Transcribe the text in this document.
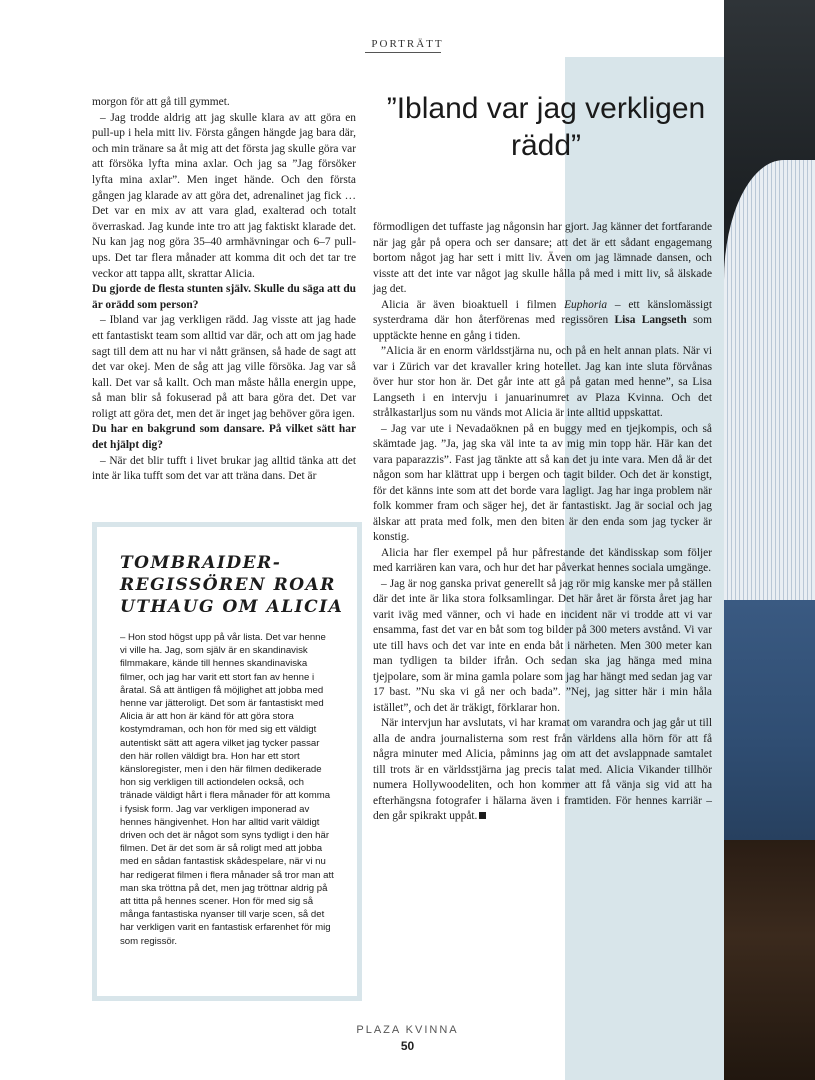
PORTRÄTT

morgon för att gå till gymmet.

– Jag trodde aldrig att jag skulle klara av att göra en pull-up i hela mitt liv. Första gången hängde jag bara där, och min tränare sa åt mig att det första jag skulle göra var att försöka lyfta mina axlar. Och jag sa ”Jag försöker lyfta mina axlar”. Men inget hände. Och den första gången jag klarade av att göra det, adrenalinet jag fick … Det var en mix av att vara glad, exalterad och totalt överraskad. Jag kunde inte tro att jag faktiskt klarade det. Nu kan jag nog göra 35–40 armhävningar och 6–7 pull-ups. Det tar flera månader att komma dit och det tar tre veckor att tappa allt, skrattar Alicia.

Du gjorde de flesta stunten själv. Skulle du säga att du är orädd som person?

– Ibland var jag verkligen rädd. Jag visste att jag hade ett fantastiskt team som alltid var där, och att om jag hade sagt till dem att nu har vi nått gränsen, så hade de sagt att det var okej. Men de såg att jag ville försöka. Jag var så kall. Det var så kallt. Och man måste hålla energin uppe, så man blir så fokuserad på att bara göra det. Det var roligt att göra det, men det är inget jag behöver göra igen.

Du har en bakgrund som dansare. På vilket sätt har det hjälpt dig?

– När det blir tufft i livet brukar jag alltid tänka att det inte är lika tufft som det var att träna dans. Det är

TOMBRAIDER-REGISSÖREN ROAR UTHAUG OM ALICIA
– Hon stod högst upp på vår lista. Det var henne vi ville ha. Jag, som själv är en skandinavisk filmmakare, kände till hennes skandinaviska filmer, och jag har varit ett stort fan av henne i åratal. Så att äntligen få möjlighet att jobba med henne var jätteroligt. Det som är fantastiskt med Alicia är att hon är känd för att göra stora kostymdraman, och hon för med sig ett väldigt autentiskt sätt att agera vilket jag tycker passar den här rollen väldigt bra. Hon har ett stort känsloregister, men i den här filmen dedikerade hon sig verkligen till actiondelen också, och tränade väldigt hårt i flera månader för att komma i fysisk form. Jag var verkligen imponerad av hennes hängivenhet. Hon har alltid varit väldigt driven och det är något som syns tydligt i den här filmen. Det är det som är så roligt med att jobba med en sådan fantastisk skådespelare, när vi nu har redigerat filmen i flera månader så tror man att man ska tröttna på det, men jag tröttnar aldrig på att titta på hennes scener. Hon för med sig så många fantastiska nyanser till varje scen, så det har verkligen varit en fantastisk erfarenhet för mig som regissör.
”Ibland var jag verkligen rädd”

förmodligen det tuffaste jag någonsin har gjort. Jag känner det fortfarande när jag går på opera och ser dansare; att det är ett sådant engagemang bortom något jag har sett i mitt liv. Även om jag lämnade dansen, och visste att det inte var något jag skulle hålla på med i mitt liv, så älskade jag det.

Alicia är även bioaktuell i filmen Euphoria – ett känslomässigt systerdrama där hon återförenas med regissören Lisa Langseth som upptäckte henne en gång i tiden.

”Alicia är en enorm världsstjärna nu, och på en helt annan plats. När vi var i Zürich var det kravaller kring hotellet. Jag kan inte sluta förvånas över hur stor hon är. Det går inte att gå på gatan med henne”, sa Lisa Langseth i en intervju i januarinumret av Plaza Kvinna. Och det strålkastarljus som nu vänds mot Alicia är inte alltid uppskattat.

– Jag var ute i Nevadaöknen på en buggy med en tjejkompis, och så skämtade jag. ”Ja, jag ska väl inte ta av mig min topp här. Här kan det vara paparazzis”. Fast jag tänkte att så kan det ju inte vara. Men då är det någon som har klättrat upp i bergen och tagit bilder. Och det är konstigt, för det känns inte som att det borde vara lagligt. Jag har inga problem när folk kommer fram och säger hej, det är fantastiskt. Jag är social och jag älskar att prata med folk, men den biten är den enda som jag tycker är konstig.

Alicia har fler exempel på hur påfrestande det kändisskap som följer med karriären kan vara, och hur det har påverkat hennes sociala umgänge.

– Jag är nog ganska privat generellt så jag rör mig kanske mer på ställen där det inte är lika stora folksamlingar. Det här året är första året jag har varit iväg med vänner, och vi hade en incident när vi trodde att vi var ensamma, fast det var en båt som tog bilder på 300 meters avstånd. Vi var ute till havs och det var inte en enda båt i närheten. Men 300 meter kan man tydligen ta bilder ifrån. Och sedan ska jag hänga med mina tjejpolare, som är mina gamla polare som jag har hängt med sedan jag var 17 bast. ”Nu ska vi gå ner och bada”. ”Nej, jag sitter här i min håla istället”, och det är träkigt, förklarar hon.

När intervjun har avslutats, vi har kramat om varandra och jag går ut till alla de andra journalisterna som rest från världens alla hörn för att få några minuter med Alicia, påminns jag om att det avslappnade samtalet till trots är en världsstjärna jag precis talat med. Alicia Vikander tillhör numera Hollywoodeliten, och hon kommer att få vänja sig vid att ha efterhängsna fotografer i hälarna även i framtiden. För hennes karriär – den går spikrakt uppåt.

PLAZA KVINNA
50
